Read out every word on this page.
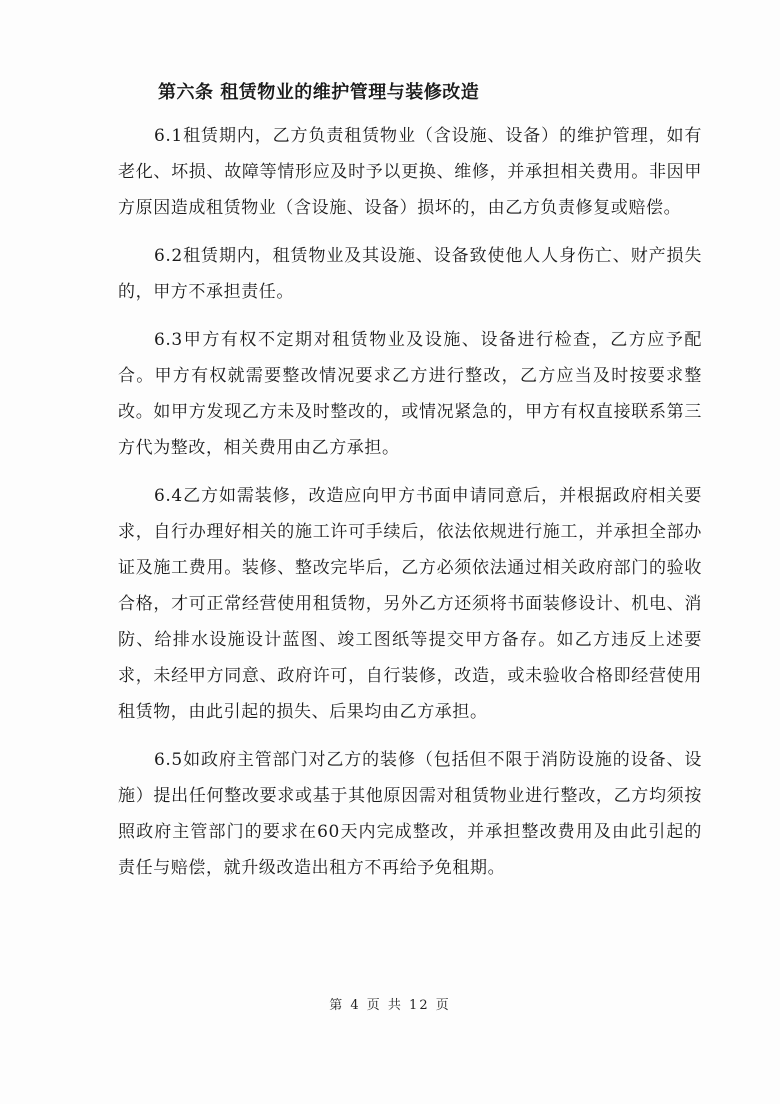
第六条 租赁物业的维护管理与装修改造

6.1租赁期内，乙方负责租赁物业（含设施、设备）的维护管理，如有老化、坏损、故障等情形应及时予以更换、维修，并承担相关费用。非因甲方原因造成租赁物业（含设施、设备）损坏的，由乙方负责修复或赔偿。

6.2租赁期内，租赁物业及其设施、设备致使他人人身伤亡、财产损失的，甲方不承担责任。

6.3甲方有权不定期对租赁物业及设施、设备进行检查，乙方应予配合。甲方有权就需要整改情况要求乙方进行整改，乙方应当及时按要求整改。如甲方发现乙方未及时整改的，或情况紧急的，甲方有权直接联系第三方代为整改，相关费用由乙方承担。

6.4乙方如需装修，改造应向甲方书面申请同意后，并根据政府相关要求，自行办理好相关的施工许可手续后，依法依规进行施工，并承担全部办证及施工费用。装修、整改完毕后，乙方必须依法通过相关政府部门的验收合格，才可正常经营使用租赁物，另外乙方还须将书面装修设计、机电、消防、给排水设施设计蓝图、竣工图纸等提交甲方备存。如乙方违反上述要求，未经甲方同意、政府许可，自行装修，改造，或未验收合格即经营使用租赁物，由此引起的损失、后果均由乙方承担。

6.5如政府主管部门对乙方的装修（包括但不限于消防设施的设备、设施）提出任何整改要求或基于其他原因需对租赁物业进行整改，乙方均须按照政府主管部门的要求在60天内完成整改，并承担整改费用及由此引起的责任与赔偿，就升级改造出租方不再给予免租期。

第 4 页 共 12 页
